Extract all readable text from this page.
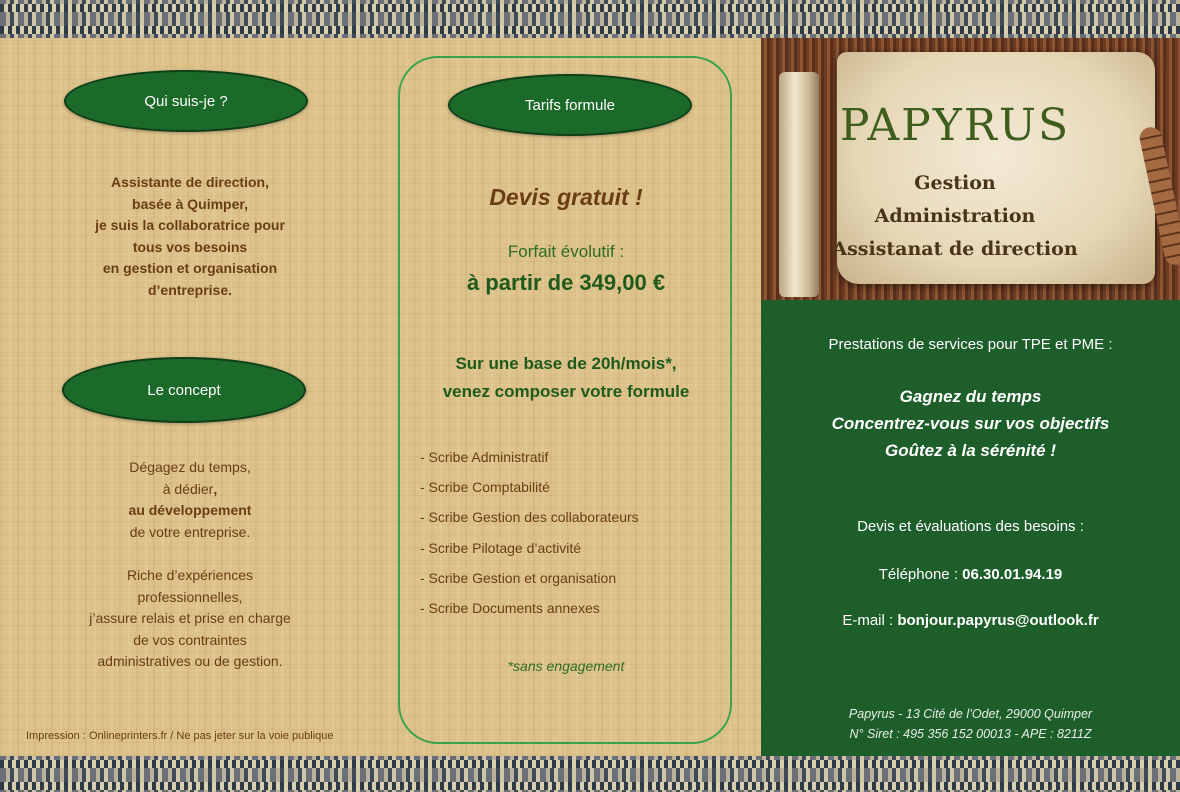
Qui suis-je ?
Assistante de direction,
basée à Quimper,
je suis la collaboratrice pour
tous vos besoins
en gestion et organisation
d’entreprise.
Le concept
Dégagez du temps,
à dédier,
au développement
de votre entreprise.
Riche d’expériences
professionnelles,
j’assure relais et prise en charge
de vos contraintes
administratives ou de gestion.
Impression : Onlineprinters.fr / Ne pas jeter sur la voie publique
Tarifs formule
Devis gratuit !
Forfait évolutif :
à partir de 349,00 €
Sur une base de 20h/mois*,
venez composer votre formule
- Scribe Administratif
- Scribe Comptabilité
- Scribe Gestion des collaborateurs
- Scribe Pilotage d’activité
- Scribe Gestion et organisation
- Scribe Documents annexes
*sans engagement
PAPYRUS
Gestion
Administration
Assistanat de direction
Prestations de services pour TPE et PME :
Gagnez du temps
Concentrez-vous sur vos objectifs
Goûtez à la sérénité !
Devis et évaluations des besoins :
Téléphone : 06.30.01.94.19
E-mail : bonjour.papyrus@outlook.fr
Papyrus - 13 Cité de l’Odet, 29000 Quimper
N° Siret : 495 356 152 00013 - APE : 8211Z
